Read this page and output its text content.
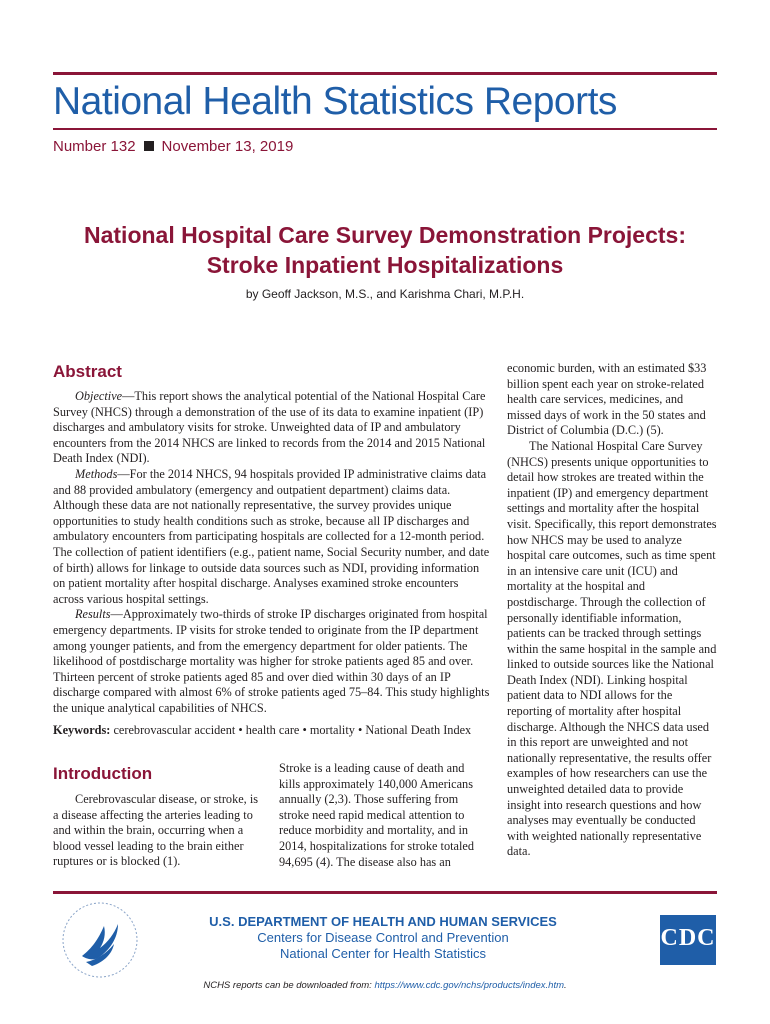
National Health Statistics Reports
Number 132 November 13, 2019
National Hospital Care Survey Demonstration Projects:
Stroke Inpatient Hospitalizations
by Geoff Jackson, M.S., and Karishma Chari, M.P.H.
Abstract

Objective—This report shows the analytical potential of the National Hospital Care Survey (NHCS) through a demonstration of the use of its data to examine inpatient (IP) discharges and ambulatory visits for stroke. Unweighted data of IP and ambulatory encounters from the 2014 NHCS are linked to records from the 2014 and 2015 National Death Index (NDI).

Methods—For the 2014 NHCS, 94 hospitals provided IP administrative claims data and 88 provided ambulatory (emergency and outpatient department) claims data. Although these data are not nationally representative, the survey provides unique opportunities to study health conditions such as stroke, because all IP discharges and ambulatory encounters from participating hospitals are collected for a 12-month period. The collection of patient identifiers (e.g., patient name, Social Security number, and date of birth) allows for linkage to outside data sources such as NDI, providing information on patient mortality after hospital discharge. Analyses examined stroke encounters across various hospital settings.

Results—Approximately two-thirds of stroke IP discharges originated from hospital emergency departments. IP visits for stroke tended to originate from the IP department among younger patients, and from the emergency department for older patients. The likelihood of postdischarge mortality was higher for stroke patients aged 85 and over. Thirteen percent of stroke patients aged 85 and over died within 30 days of an IP discharge compared with almost 6% of stroke patients aged 75–84. This study highlights the unique analytical capabilities of NHCS.

Keywords: cerebrovascular accident • health care • mortality • National Death Index
Introduction

Cerebrovascular disease, or stroke, is a disease affecting the arteries leading to and within the brain, occurring when a blood vessel leading to the brain either ruptures or is blocked (1).

Stroke is a leading cause of death and kills approximately 140,000 Americans annually (2,3). Those suffering from stroke need rapid medical attention to reduce morbidity and mortality, and in 2014, hospitalizations for stroke totaled 94,695 (4). The disease also has an

economic burden, with an estimated $33 billion spent each year on stroke-related health care services, medicines, and missed days of work in the 50 states and District of Columbia (D.C.) (5).

The National Hospital Care Survey (NHCS) presents unique opportunities to detail how strokes are treated within the inpatient (IP) and emergency department settings and mortality after the hospital visit. Specifically, this report demonstrates how NHCS may be used to analyze hospital care outcomes, such as time spent in an intensive care unit (ICU) and mortality at the hospital and postdischarge. Through the collection of personally identifiable information, patients can be tracked through settings within the same hospital in the sample and linked to outside sources like the National Death Index (NDI). Linking hospital patient data to NDI allows for the reporting of mortality after hospital discharge. Although the NHCS data used in this report are unweighted and not nationally representative, the results offer examples of how researchers can use the unweighted detailed data to provide insight into research questions and how analyses may eventually be conducted with weighted nationally representative data.

U.S. DEPARTMENT OF HEALTH AND HUMAN SERVICES
Centers for Disease Control and Prevention
National Center for Health Statistics
CDC
NCHS reports can be downloaded from: https://www.cdc.gov/nchs/products/index.htm.
